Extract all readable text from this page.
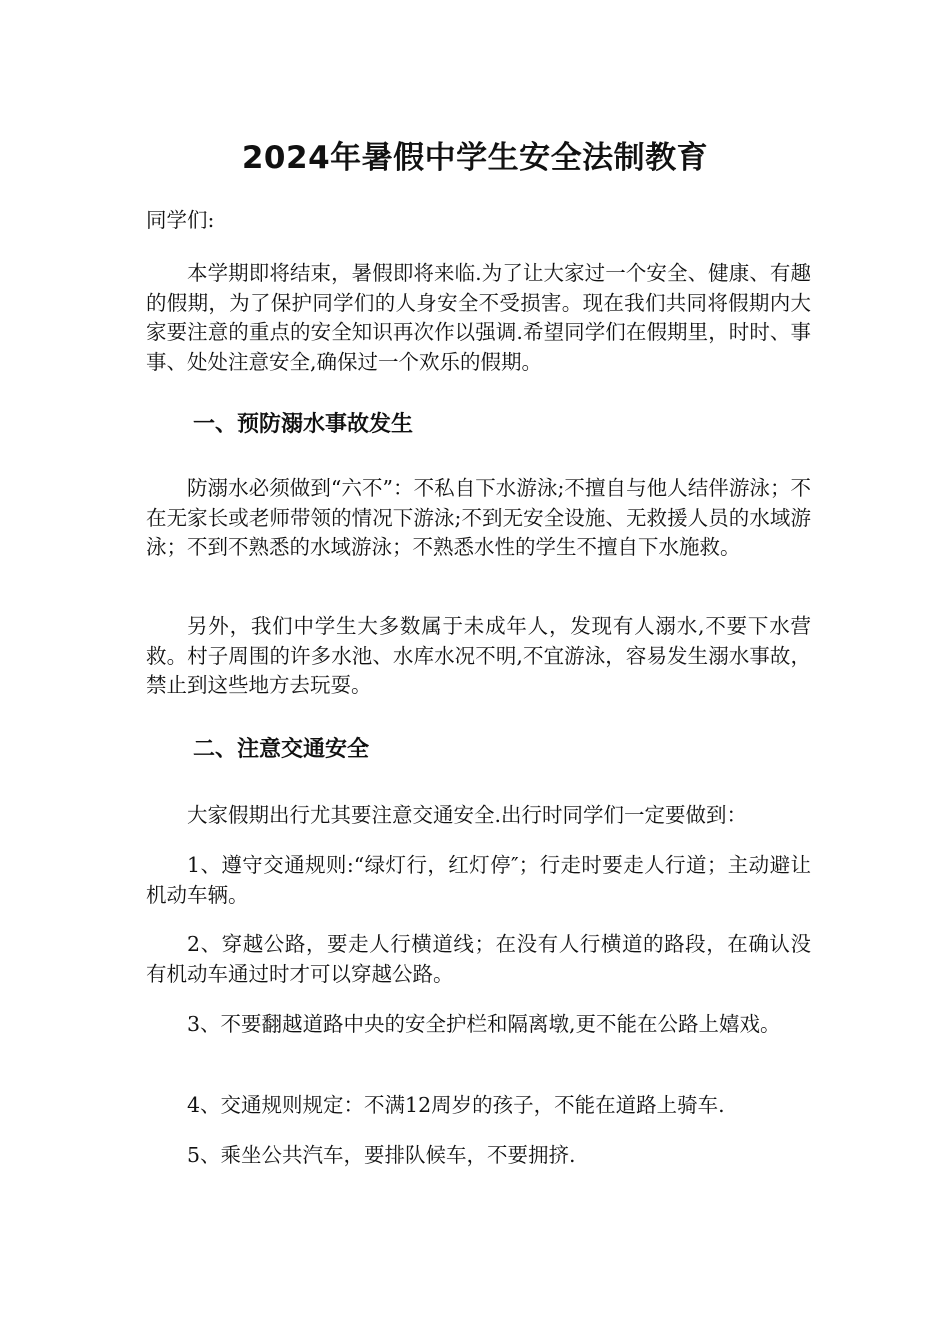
2024年暑假中学生安全法制教育

同学们:

本学期即将结束，暑假即将来临.为了让大家过一个安全、健康、有趣的假期，为了保护同学们的人身安全不受损害。现在我们共同将假期内大家要注意的重点的安全知识再次作以强调.希望同学们在假期里，时时、事事、处处注意安全,确保过一个欢乐的假期。

一、预防溺水事故发生

防溺水必须做到“六不”：不私自下水游泳;不擅自与他人结伴游泳；不在无家长或老师带领的情况下游泳;不到无安全设施、无救援人员的水域游泳；不到不熟悉的水域游泳；不熟悉水性的学生不擅自下水施救。

另外，我们中学生大多数属于未成年人，发现有人溺水,不要下水营救。村子周围的许多水池、水库水况不明,不宜游泳，容易发生溺水事故，禁止到这些地方去玩耍。

二、注意交通安全

大家假期出行尤其要注意交通安全.出行时同学们一定要做到：

1、遵守交通规则:“绿灯行，红灯停″；行走时要走人行道；主动避让机动车辆。

2、穿越公路，要走人行横道线；在没有人行横道的路段，在确认没有机动车通过时才可以穿越公路。

3、不要翻越道路中央的安全护栏和隔离墩,更不能在公路上嬉戏。

4、交通规则规定：不满12周岁的孩子，不能在道路上骑车.

5、乘坐公共汽车，要排队候车，不要拥挤.
